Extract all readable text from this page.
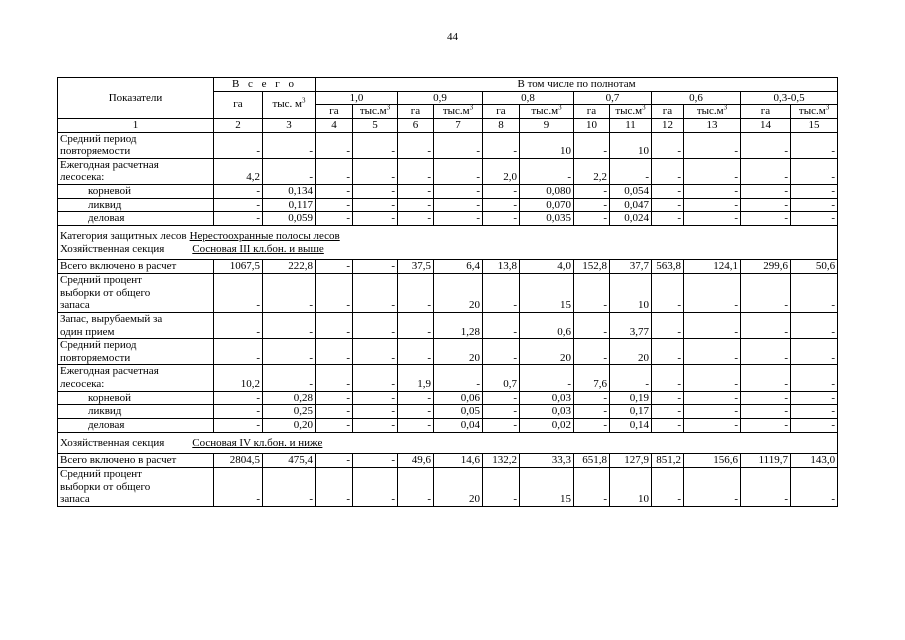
44
Показатели	В с е г о		В том числе по полнотам											
	га	тыс. $м^3$	1,0		0,9		0,8		0,7		0,6		0,3-0,5	
			га	$тыс.м^3$	га	$тыс.м^3$	га	$тыс.м^3$	га	$тыс.м^3$	га	$тыс.м^3$	га	$тыс.м^3$
1	2	3	4	5	6	7	8	9	10	11	12	13	14	15
Средний период
повторяемости	-	-	-	-	-	-	-	10	-	10	-	-	-	-
Ежегодная расчетная
лесосека:	4,2	-	-	-	-	-	2,0	-	2,2	-	-	-	-	-
корневой	-	0,134	-	-	-	-	-	0,080	-	0,054	-	-	-	-
ликвид	-	0,117	-	-	-	-	-	0,070	-	0,047	-	-	-	-
деловая	-	0,059	-	-	-	-	-	0,035	-	0,024	-	-	-	-
Категория защитных лесов Нерестоохранные полосы лесов
Хозяйственная секция Сосновая III кл.бон. и выше														
Всего включено в расчет	1067,5	222,8	-	-	37,5	6,4	13,8	4,0	152,8	37,7	563,8	124,1	299,6	50,6
Средний процент
выборки от общего
запаса	-	-	-	-	-	20	-	15	-	10	-	-	-	-
Запас, вырубаемый за
один прием	-	-	-	-	-	1,28	-	0,6	-	3,77	-	-	-	-
Средний период
повторяемости	-	-	-	-	-	20	-	20	-	20	-	-	-	-
Ежегодная расчетная
лесосека:	10,2	-	-	-	1,9	-	0,7	-	7,6	-	-	-	-	-
корневой	-	0,28	-	-	-	0,06	-	0,03	-	0,19	-	-	-	-
ликвид	-	0,25	-	-	-	0,05	-	0,03	-	0,17	-	-	-	-
деловая	-	0,20	-	-	-	0,04	-	0,02	-	0,14	-	-	-	-
Хозяйственная секция Сосновая IV кл.бон. и ниже														
Всего включено в расчет	2804,5	475,4	-	-	49,6	14,6	132,2	33,3	651,8	127,9	851,2	156,6	1119,7	143,0
Средний процент
выборки от общего
запаса	-	-	-	-	-	20	-	15	-	10	-	-	-	-
